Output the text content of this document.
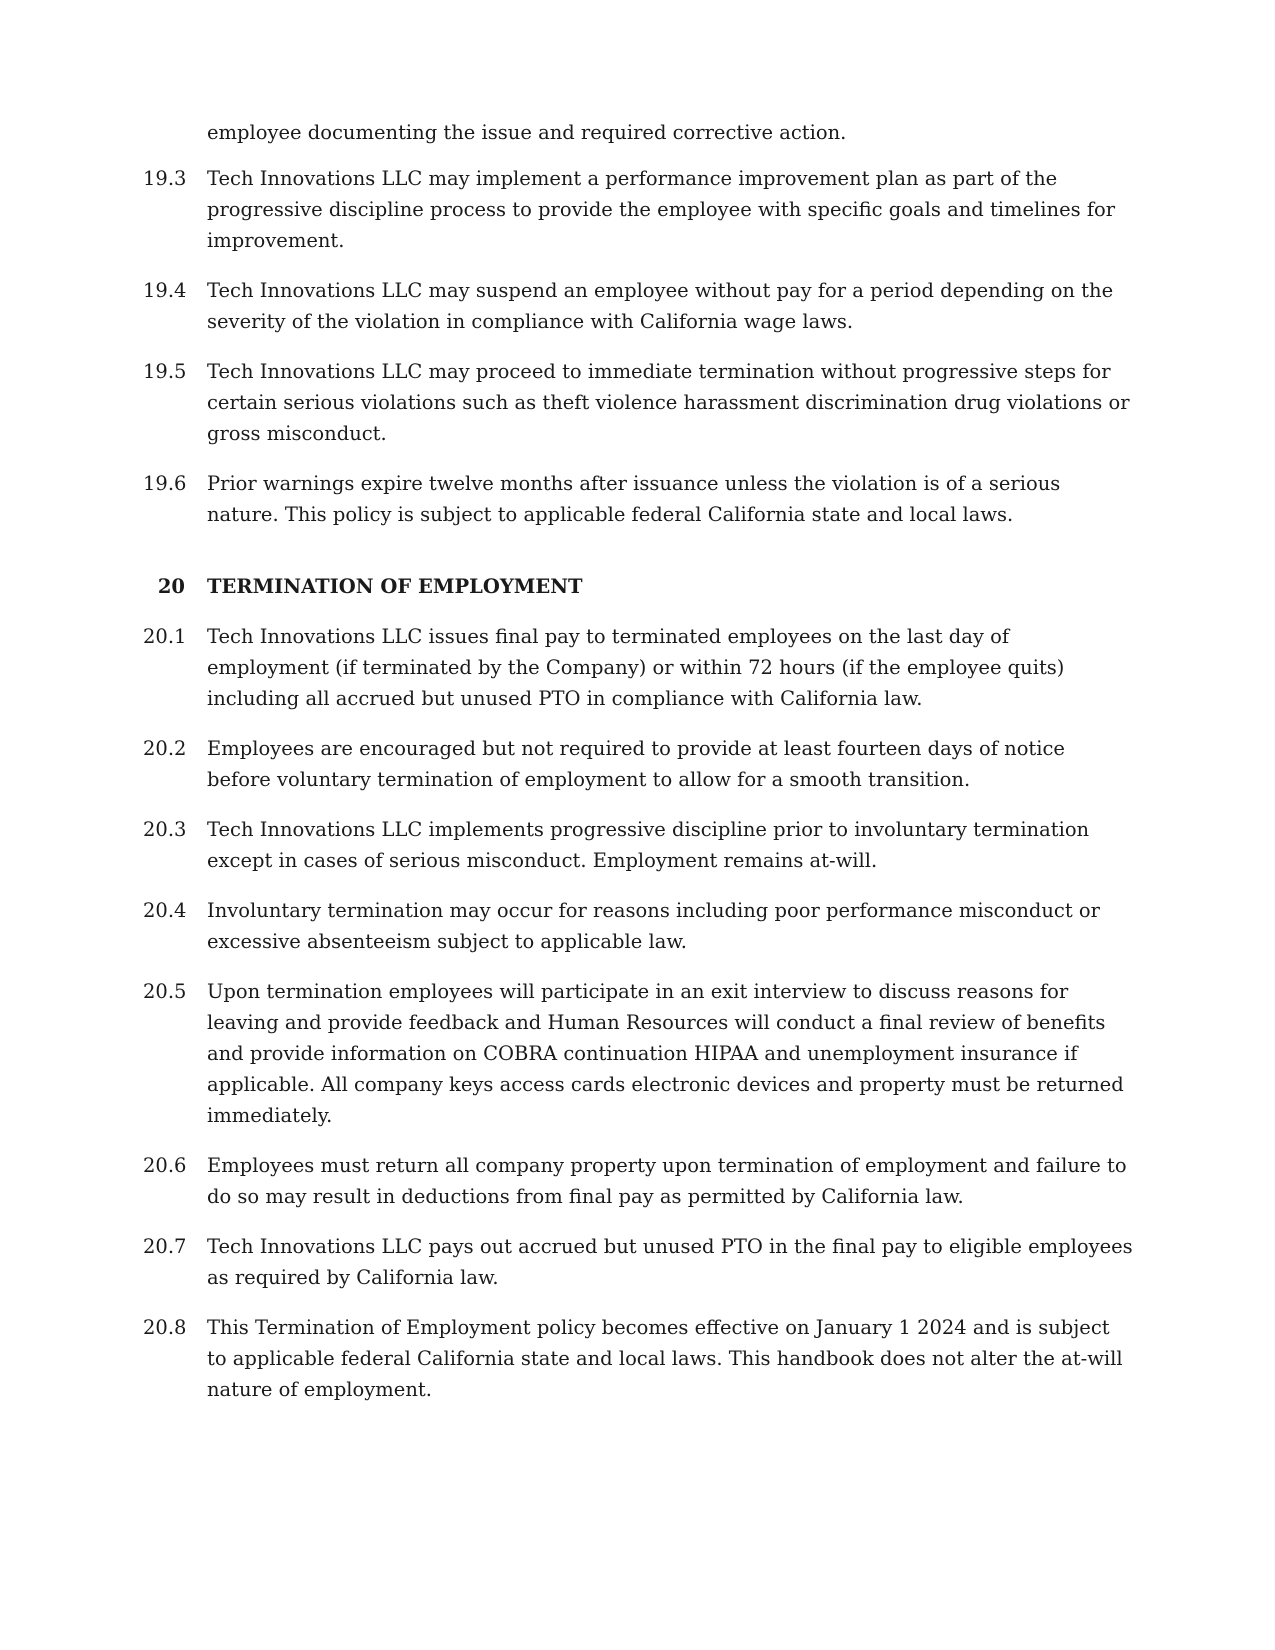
employee documenting the issue and required corrective action.
19.3	Tech Innovations LLC may implement a performance improvement plan as part of the progressive discipline process to provide the employee with specific goals and timelines for improvement.
19.4	Tech Innovations LLC may suspend an employee without pay for a period depending on the severity of the violation in compliance with California wage laws.
19.5	Tech Innovations LLC may proceed to immediate termination without progressive steps for certain serious violations such as theft violence harassment discrimination drug violations or gross misconduct.
19.6	Prior warnings expire twelve months after issuance unless the violation is of a serious nature. This policy is subject to applicable federal California state and local laws.
20	TERMINATION OF EMPLOYMENT
20.1	Tech Innovations LLC issues final pay to terminated employees on the last day of employment (if terminated by the Company) or within 72 hours (if the employee quits) including all accrued but unused PTO in compliance with California law.
20.2	Employees are encouraged but not required to provide at least fourteen days of notice before voluntary termination of employment to allow for a smooth transition.
20.3	Tech Innovations LLC implements progressive discipline prior to involuntary termination except in cases of serious misconduct. Employment remains at-will.
20.4	Involuntary termination may occur for reasons including poor performance misconduct or excessive absenteeism subject to applicable law.
20.5	Upon termination employees will participate in an exit interview to discuss reasons for leaving and provide feedback and Human Resources will conduct a final review of benefits and provide information on COBRA continuation HIPAA and unemployment insurance if applicable. All company keys access cards electronic devices and property must be returned immediately.
20.6	Employees must return all company property upon termination of employment and failure to do so may result in deductions from final pay as permitted by California law.
20.7	Tech Innovations LLC pays out accrued but unused PTO in the final pay to eligible employees as required by California law.
20.8	This Termination of Employment policy becomes effective on January 1 2024 and is subject to applicable federal California state and local laws. This handbook does not alter the at-will nature of employment.
